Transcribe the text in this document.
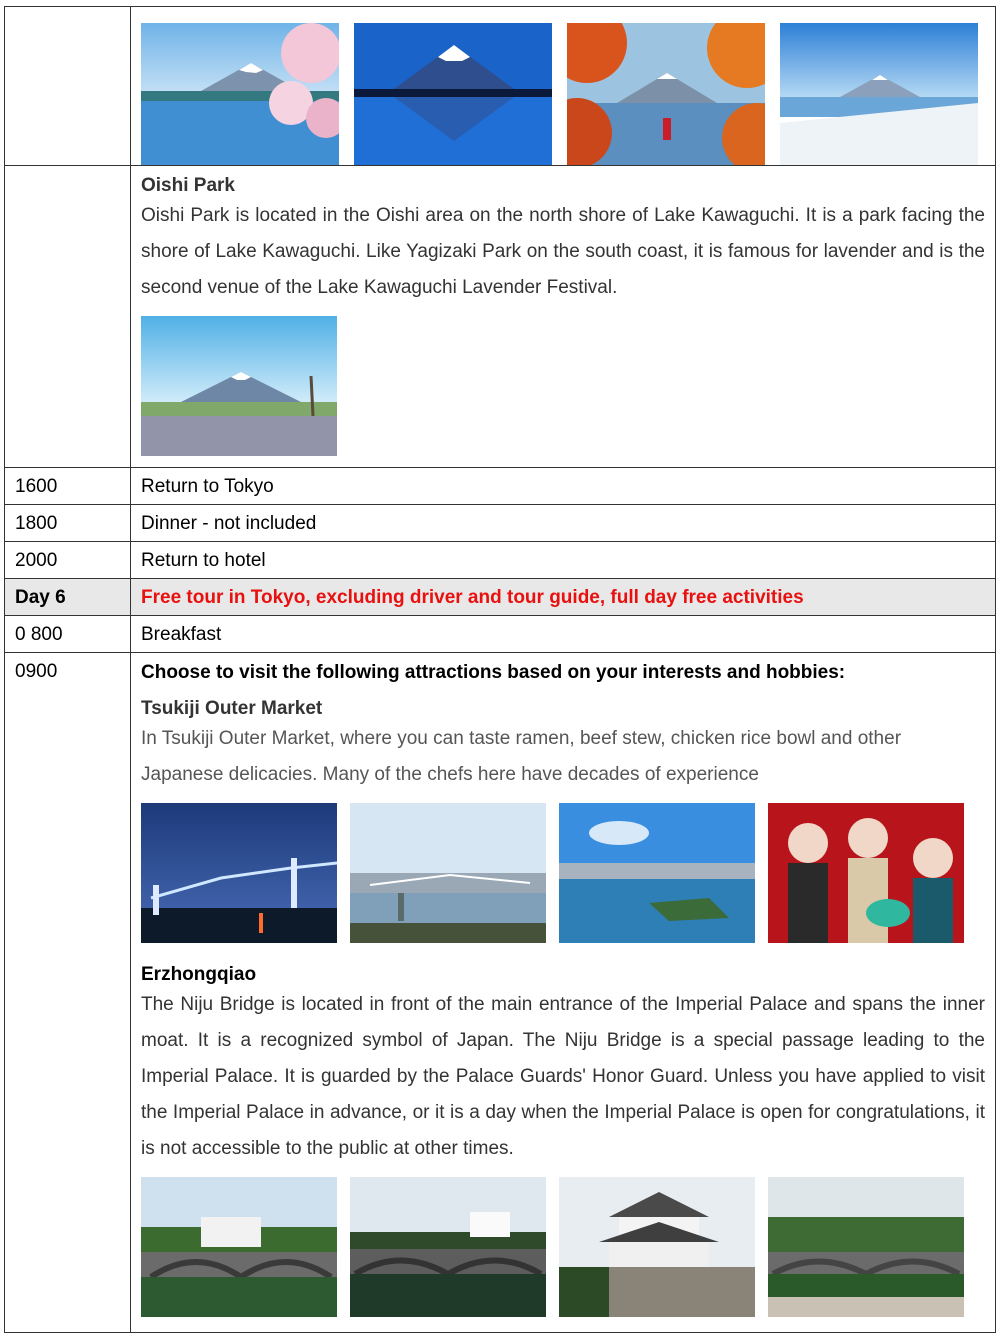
	Oishi Park
Oishi Park is located in the Oishi area on the north shore of Lake Kawaguchi. It is a park facing the shore of Lake Kawaguchi. Like Yagizaki Park on the south coast, it is famous for lavender and is the second venue of the Lake Kawaguchi Lavender Festival.

1600	Return to Tokyo
1800	Dinner - not included
2000	Return to hotel
Day 6	Free tour in Tokyo, excluding driver and tour guide, full day free activities
0 800	Breakfast
0900	Choose to visit the following attractions based on your interests and hobbies:
Tsukiji Outer Market
In Tsukiji Outer Market, where you can taste ramen, beef stew, chicken rice bowl and other Japanese delicacies. Many of the chefs here have decades of experience
Erzhongqiao
The Niju Bridge is located in front of the main entrance of the Imperial Palace and spans the inner moat. It is a recognized symbol of Japan. The Niju Bridge is a special passage leading to the Imperial Palace. It is guarded by the Palace Guards' Honor Guard. Unless you have applied to visit the Imperial Palace in advance, or it is a day when the Imperial Palace is open for congratulations, it is not accessible to the public at other times.
